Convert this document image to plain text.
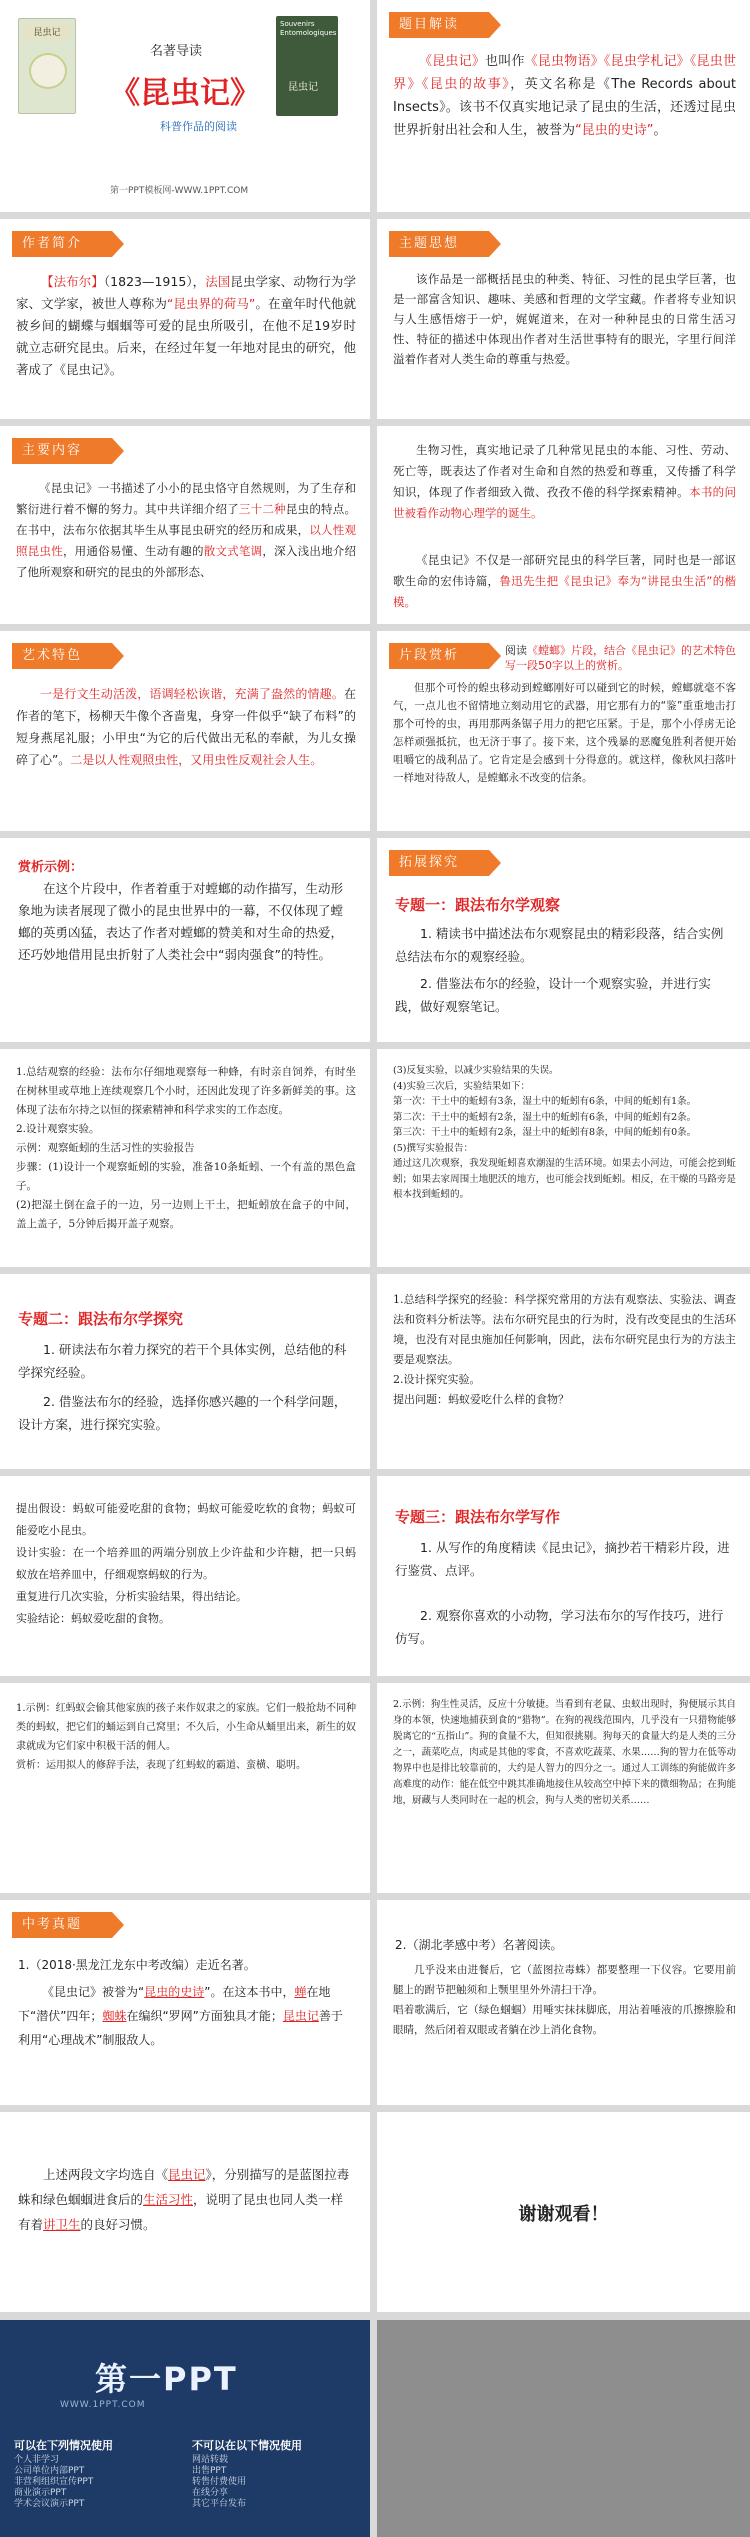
昆虫记
Souvenirs Entomologiques
昆虫记
名著导读
《昆虫记》
科普作品的阅读
第一PPT模板网-WWW.1PPT.COM
题目解读
《昆虫记》也叫作《昆虫物语》《昆虫学札记》《昆虫世界》《昆虫的故事》，英文名称是《The Records about Insects》。该书不仅真实地记录了昆虫的生活，还透过昆虫世界折射出社会和人生，被誉为“昆虫的史诗”。
作者简介
【法布尔】（1823—1915），法国昆虫学家、动物行为学家、文学家，被世人尊称为“昆虫界的荷马”。在童年时代他就被乡间的蝴蝶与蝈蝈等可爱的昆虫所吸引，在他不足19岁时就立志研究昆虫。后来，在经过年复一年地对昆虫的研究，他著成了《昆虫记》。
主题思想
该作品是一部概括昆虫的种类、特征、习性的昆虫学巨著，也是一部富含知识、趣味、美感和哲理的文学宝藏。作者将专业知识与人生感悟熔于一炉，娓娓道来，在对一种种昆虫的日常生活习性、特征的描述中体现出作者对生活世事特有的眼光，字里行间洋溢着作者对人类生命的尊重与热爱。
主要内容
《昆虫记》一书描述了小小的昆虫恪守自然规则，为了生存和繁衍进行着不懈的努力。其中共详细介绍了三十二种昆虫的特点。在书中，法布尔依据其毕生从事昆虫研究的经历和成果，以人性观照昆虫性，用通俗易懂、生动有趣的散文式笔调，深入浅出地介绍了他所观察和研究的昆虫的外部形态、
生物习性，真实地记录了几种常见昆虫的本能、习性、劳动、死亡等，既表达了作者对生命和自然的热爱和尊重，又传播了科学知识，体现了作者细致入微、孜孜不倦的科学探索精神。本书的问世被看作动物心理学的诞生。
《昆虫记》不仅是一部研究昆虫的科学巨著，同时也是一部讴歌生命的宏伟诗篇，鲁迅先生把《昆虫记》奉为“讲昆虫生活”的楷模。
艺术特色
一是行文生动活泼，语调轻松诙谐，充满了盎然的情趣。在作者的笔下，杨柳天牛像个吝啬鬼，身穿一件似乎“缺了布料”的短身燕尾礼服；小甲虫“为它的后代做出无私的奉献，为儿女操碎了心”。二是以人性观照虫性，又用虫性反观社会人生。
片段赏析	阅读《螳螂》片段，结合《昆虫记》的艺术特色写一段50字以上的赏析。
但那个可怜的蝗虫移动到螳螂刚好可以碰到它的时候，螳螂就毫不客气，一点儿也不留情地立刻动用它的武器，用它那有力的“鉴”重重地击打那个可怜的虫，再用那两条锯子用力的把它压紧。于是，那个小俘虏无论怎样顽强抵抗，也无济于事了。接下来，这个残暴的恶魔兔胜利者便开始咀嚼它的战利品了。它肯定是会感到十分得意的。就这样，像秋风扫落叶一样地对待敌人，是螳螂永不改变的信条。
赏析示例：
在这个片段中，作者着重于对螳螂的动作描写，生动形象地为读者展现了微小的昆虫世界中的一幕，不仅体现了螳螂的英勇凶猛，表达了作者对螳螂的赞美和对生命的热爱，还巧妙地借用昆虫折射了人类社会中“弱肉强食”的特性。
拓展探究
专题一：跟法布尔学观察
1. 精读书中描述法布尔观察昆虫的精彩段落，结合实例总结法布尔的观察经验。
2. 借鉴法布尔的经验，设计一个观察实验，并进行实践，做好观察笔记。
1.总结观察的经验：法布尔仔细地观察每一种蜂，有时亲自饲养，有时坐在树林里或草地上连续观察几个小时，还因此发现了许多新鲜美的事。这体现了法布尔持之以恒的探索精神和科学求实的工作态度。
2.设计观察实验。
示例：观察蚯蚓的生活习性的实验报告
步骤：(1)设计一个观察蚯蚓的实验，准备10条蚯蚓、一个有盖的黑色盒子。
(2)把湿土倒在盒子的一边，另一边则上干土，把蚯蚓放在盒子的中间，盖上盖子，5分钟后揭开盖子观察。
(3)反复实验，以减少实验结果的失误。
(4)实验三次后，实验结果如下：
第一次：干土中的蚯蚓有3条，湿土中的蚯蚓有6条，中间的蚯蚓有1条。
第二次：干土中的蚯蚓有2条，湿土中的蚯蚓有6条，中间的蚯蚓有2条。
第三次：干土中的蚯蚓有2条，湿土中的蚯蚓有8条，中间的蚯蚓有0条。
(5)撰写实验报告：
通过这几次观察，我发现蚯蚓喜欢潮湿的生活环境。如果去小河边，可能会挖到蚯蚓；如果去家周围土地肥沃的地方，也可能会找到蚯蚓。相反，在干燥的马路旁是根本找到蚯蚓的。
专题二：跟法布尔学探究
1. 研读法布尔着力探究的若干个具体实例，总结他的科学探究经验。
2. 借鉴法布尔的经验，选择你感兴趣的一个科学问题，设计方案，进行探究实验。
1.总结科学探究的经验：科学探究常用的方法有观察法、实验法、调查法和资料分析法等。法布尔研究昆虫的行为时，没有改变昆虫的生活环境，也没有对昆虫施加任何影响，因此，法布尔研究昆虫行为的方法主要是观察法。
2.设计探究实验。
提出问题：蚂蚁爱吃什么样的食物？
提出假设：蚂蚁可能爱吃甜的食物；蚂蚁可能爱吃软的食物；蚂蚁可能爱吃小昆虫。
设计实验：在一个培养皿的两端分别放上少许盐和少许糖，把一只蚂蚁放在培养皿中，仔细观察蚂蚁的行为。
重复进行几次实验，分析实验结果，得出结论。
实验结论：蚂蚁爱吃甜的食物。
专题三：跟法布尔学写作
1. 从写作的角度精读《昆虫记》，摘抄若干精彩片段，进行鉴赏、点评。
2. 观察你喜欢的小动物，学习法布尔的写作技巧，进行仿写。
1.示例：红蚂蚁会偷其他家族的孩子来作奴隶之的家族。它们一般抢劫不同种类的蚂蚁，把它们的蛹运到自己窝里；不久后，小生命从蛹里出来，新生的奴隶就成为它们家中积极干活的佣人。
赏析：运用拟人的修辞手法，表现了红蚂蚁的霸道、蛮横、聪明。
2.示例：狗生性灵活，反应十分敏捷。当看到有老鼠、虫蚁出现时，狗便展示其自身的本领，快速地捕获到食的“猎物”。在狗的视线范围内，几乎没有一只猎物能够脱离它的“五指山”。狗的食量不大，但知很挑剔。狗每天的食量大约是人类的三分之一，蔬菜吃点，肉或是其他的零食，不喜欢吃蔬菜、水果……狗的智力在低等动物界中也是排比较靠前的，大约是人智力的四分之一。通过人工训练的狗能做许多高难度的动作：能在低空中跳其准确地接住从较高空中掉下来的微细物品；在狗能地，厨藏与人类同时在一起的机会，狗与人类的密切关系……
中考真题
1.（2018·黑龙江龙东中考改编）走近名著。
《昆虫记》被誉为“昆虫的史诗”。在这本书中，蝉在地下“潜伏”四年；蜘蛛在编织“罗网”方面独具才能；昆虫记善于利用“心理战术”制服敌人。
2.（湖北孝感中考）名著阅读。
几乎没来由进餐后，它（蓝图拉毒蛛）都要整理一下仪容。它要用前腿上的跗节把触须和上颚里里外外清扫干净。
唱着歌满后，它（绿色蝈蝈）用唾实抹抹脚底，用沾着唾液的爪擦擦脸和眼睛，然后闭着双眼或者躺在沙上消化食物。
上述两段文字均选自《昆虫记》，分别描写的是蓝图拉毒蛛和绿色蝈蝈进食后的生活习性，说明了昆虫也同人类一样有着讲卫生的良好习惯。	谢谢观看！
第一PPT
WWW.1PPT.COM
可以在下列情况使用
个人非学习
公司单位内部PPT
非营利组织宣传PPT
商业演示PPT
学术会议演示PPT
不可以在以下情况使用
网站转载
出售PPT
转售付费使用
在线分享
其它平台发布
